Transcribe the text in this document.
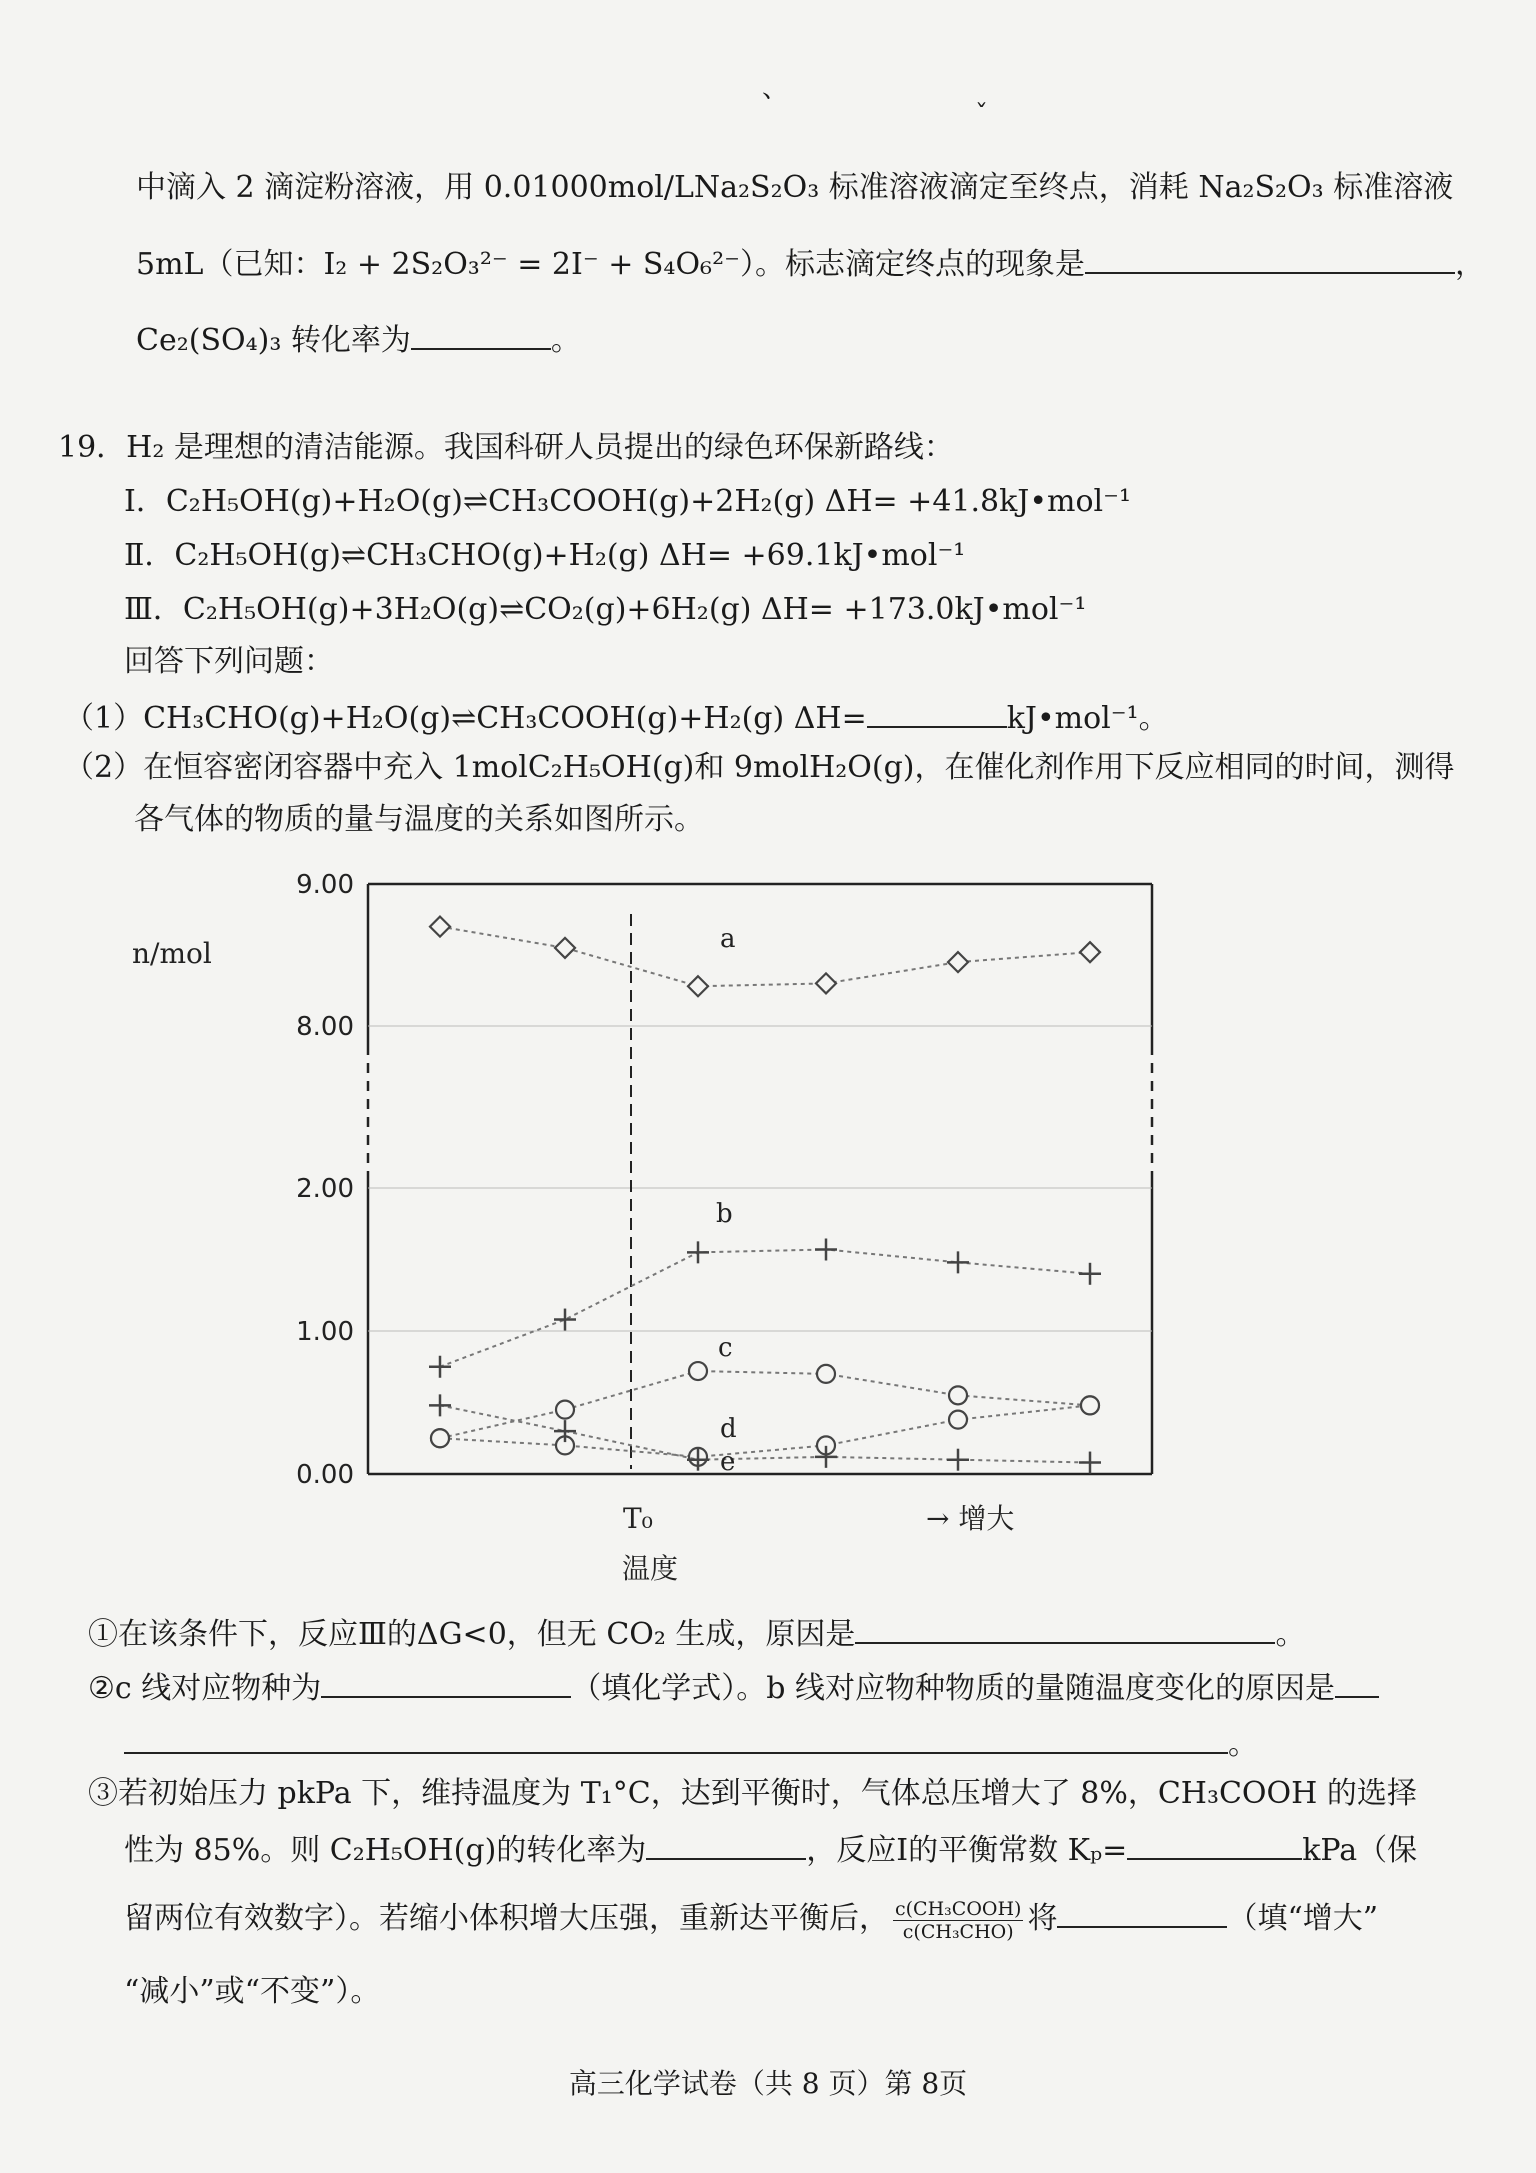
、
ˇ
中滴入 2 滴淀粉溶液，用 0.01000mol/LNa₂S₂O₃ 标准溶液滴定至终点，消耗 Na₂S₂O₃ 标准溶液
5mL（已知：I₂ + 2S₂O₃²⁻ = 2I⁻ + S₄O₆²⁻）。标志滴定终点的现象是	，
Ce₂(SO₄)₃ 转化率为	。
19．H₂ 是理想的清洁能源。我国科研人员提出的绿色环保新路线：
Ⅰ．C₂H₅OH(g)+H₂O(g)⇌CH₃COOH(g)+2H₂(g) ΔH= +41.8kJ•mol⁻¹
Ⅱ．C₂H₅OH(g)⇌CH₃CHO(g)+H₂(g) ΔH= +69.1kJ•mol⁻¹
Ⅲ．C₂H₅OH(g)+3H₂O(g)⇌CO₂(g)+6H₂(g) ΔH= +173.0kJ•mol⁻¹
回答下列问题：
（1）CH₃CHO(g)+H₂O(g)⇌CH₃COOH(g)+H₂(g) ΔH=	kJ•mol⁻¹。
（2）在恒容密闭容器中充入 1molC₂H₅OH(g)和 9molH₂O(g)，在催化剂作用下反应相同的时间，测得
各气体的物质的量与温度的关系如图所示。
9.00
8.00
2.00
1.00
0.00
n/mol
T₀
温度
→ 增大
a
b
c
d
e
①在该条件下，反应Ⅲ的ΔG<0，但无 CO₂ 生成，原因是	。
②c 线对应物种为	（填化学式）。b 线对应物种物质的量随温度变化的原因是
。
③若初始压力 pkPa 下，维持温度为 T₁°C，达到平衡时，气体总压增大了 8%，CH₃COOH 的选择
性为 85%。则 C₂H₅OH(g)的转化率为	，反应I的平衡常数 Kₚ=	kPa（保
留两位有效数字）。若缩小体积增大压强，重新达平衡后， $\frac{\text{c(CH₃COOH)}}{\text{c(CH₃CHO)}}$ 将	（填“增大”
“减小”或“不变”）。
高三化学试卷（共 8 页）第 8页
